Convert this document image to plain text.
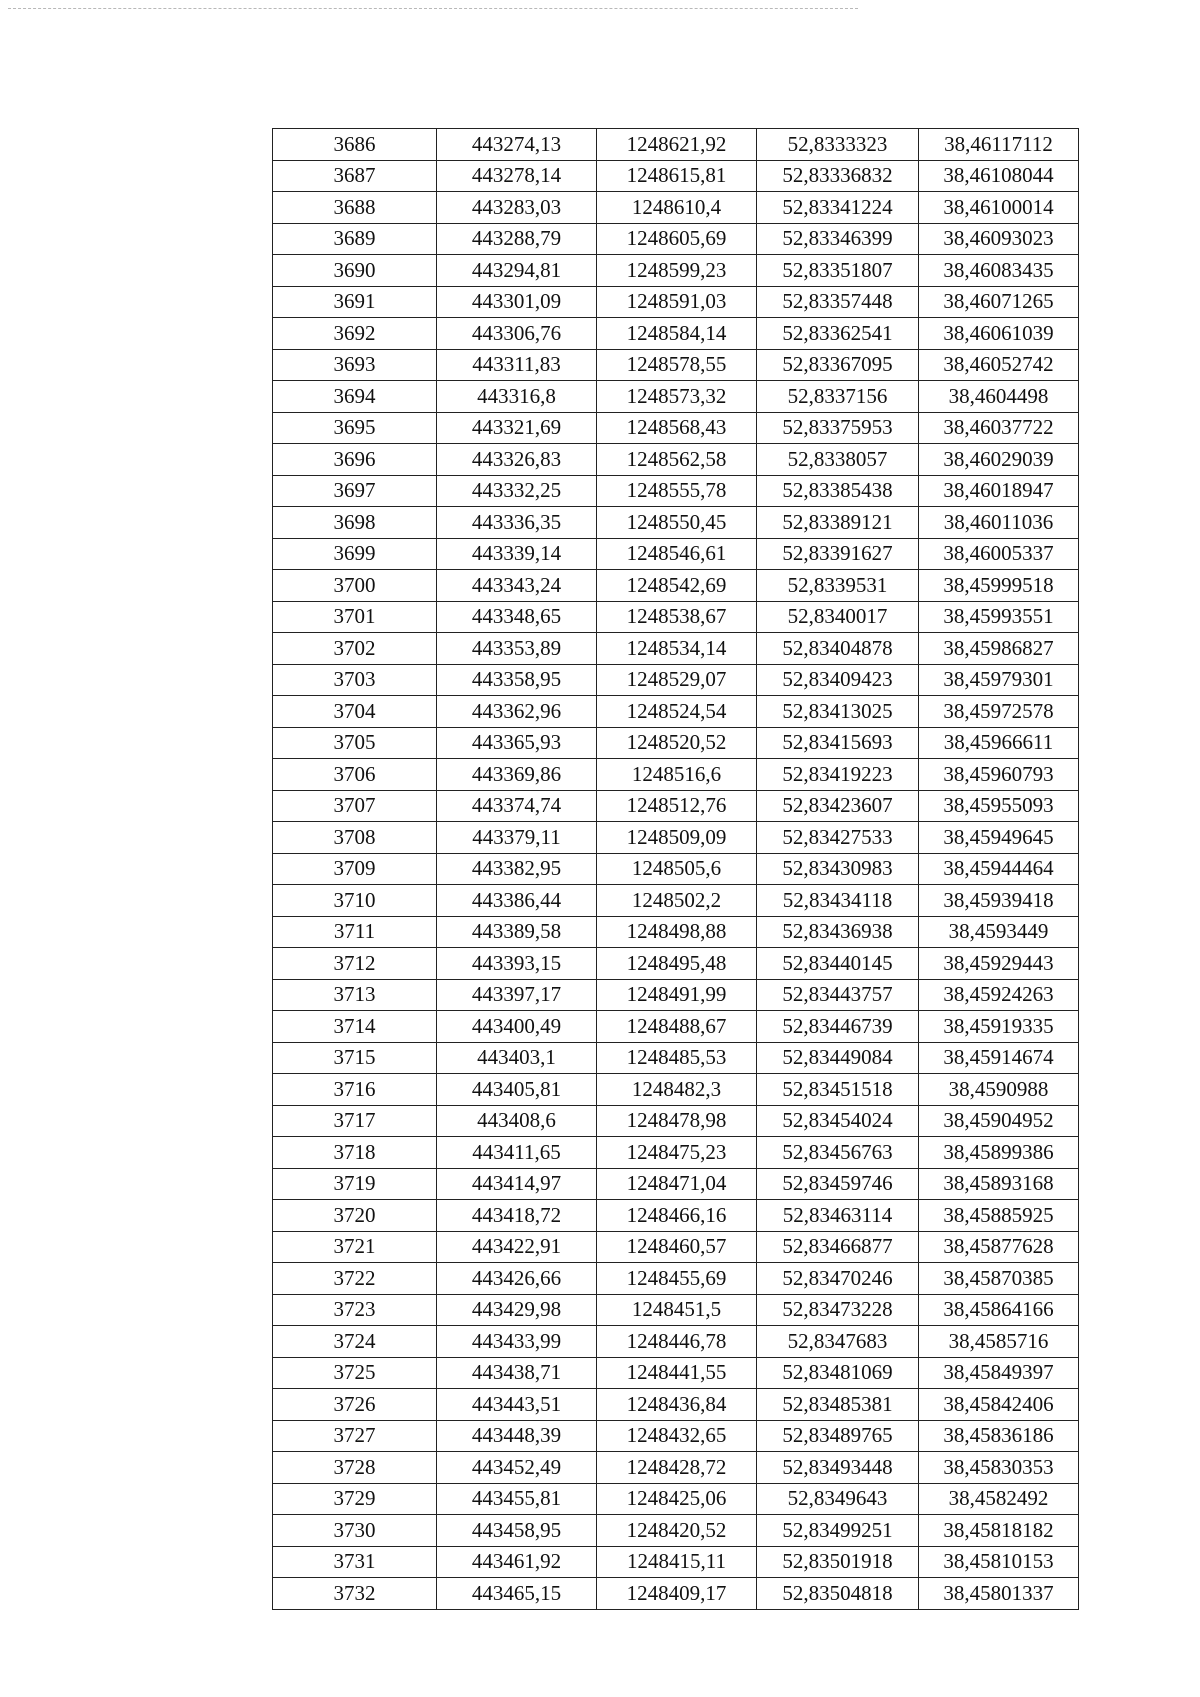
3686	443274,13	1248621,92	52,8333323	38,46117112
3687	443278,14	1248615,81	52,83336832	38,46108044
3688	443283,03	1248610,4	52,83341224	38,46100014
3689	443288,79	1248605,69	52,83346399	38,46093023
3690	443294,81	1248599,23	52,83351807	38,46083435
3691	443301,09	1248591,03	52,83357448	38,46071265
3692	443306,76	1248584,14	52,83362541	38,46061039
3693	443311,83	1248578,55	52,83367095	38,46052742
3694	443316,8	1248573,32	52,8337156	38,4604498
3695	443321,69	1248568,43	52,83375953	38,46037722
3696	443326,83	1248562,58	52,8338057	38,46029039
3697	443332,25	1248555,78	52,83385438	38,46018947
3698	443336,35	1248550,45	52,83389121	38,46011036
3699	443339,14	1248546,61	52,83391627	38,46005337
3700	443343,24	1248542,69	52,8339531	38,45999518
3701	443348,65	1248538,67	52,8340017	38,45993551
3702	443353,89	1248534,14	52,83404878	38,45986827
3703	443358,95	1248529,07	52,83409423	38,45979301
3704	443362,96	1248524,54	52,83413025	38,45972578
3705	443365,93	1248520,52	52,83415693	38,45966611
3706	443369,86	1248516,6	52,83419223	38,45960793
3707	443374,74	1248512,76	52,83423607	38,45955093
3708	443379,11	1248509,09	52,83427533	38,45949645
3709	443382,95	1248505,6	52,83430983	38,45944464
3710	443386,44	1248502,2	52,83434118	38,45939418
3711	443389,58	1248498,88	52,83436938	38,4593449
3712	443393,15	1248495,48	52,83440145	38,45929443
3713	443397,17	1248491,99	52,83443757	38,45924263
3714	443400,49	1248488,67	52,83446739	38,45919335
3715	443403,1	1248485,53	52,83449084	38,45914674
3716	443405,81	1248482,3	52,83451518	38,4590988
3717	443408,6	1248478,98	52,83454024	38,45904952
3718	443411,65	1248475,23	52,83456763	38,45899386
3719	443414,97	1248471,04	52,83459746	38,45893168
3720	443418,72	1248466,16	52,83463114	38,45885925
3721	443422,91	1248460,57	52,83466877	38,45877628
3722	443426,66	1248455,69	52,83470246	38,45870385
3723	443429,98	1248451,5	52,83473228	38,45864166
3724	443433,99	1248446,78	52,8347683	38,4585716
3725	443438,71	1248441,55	52,83481069	38,45849397
3726	443443,51	1248436,84	52,83485381	38,45842406
3727	443448,39	1248432,65	52,83489765	38,45836186
3728	443452,49	1248428,72	52,83493448	38,45830353
3729	443455,81	1248425,06	52,8349643	38,4582492
3730	443458,95	1248420,52	52,83499251	38,45818182
3731	443461,92	1248415,11	52,83501918	38,45810153
3732	443465,15	1248409,17	52,83504818	38,45801337
